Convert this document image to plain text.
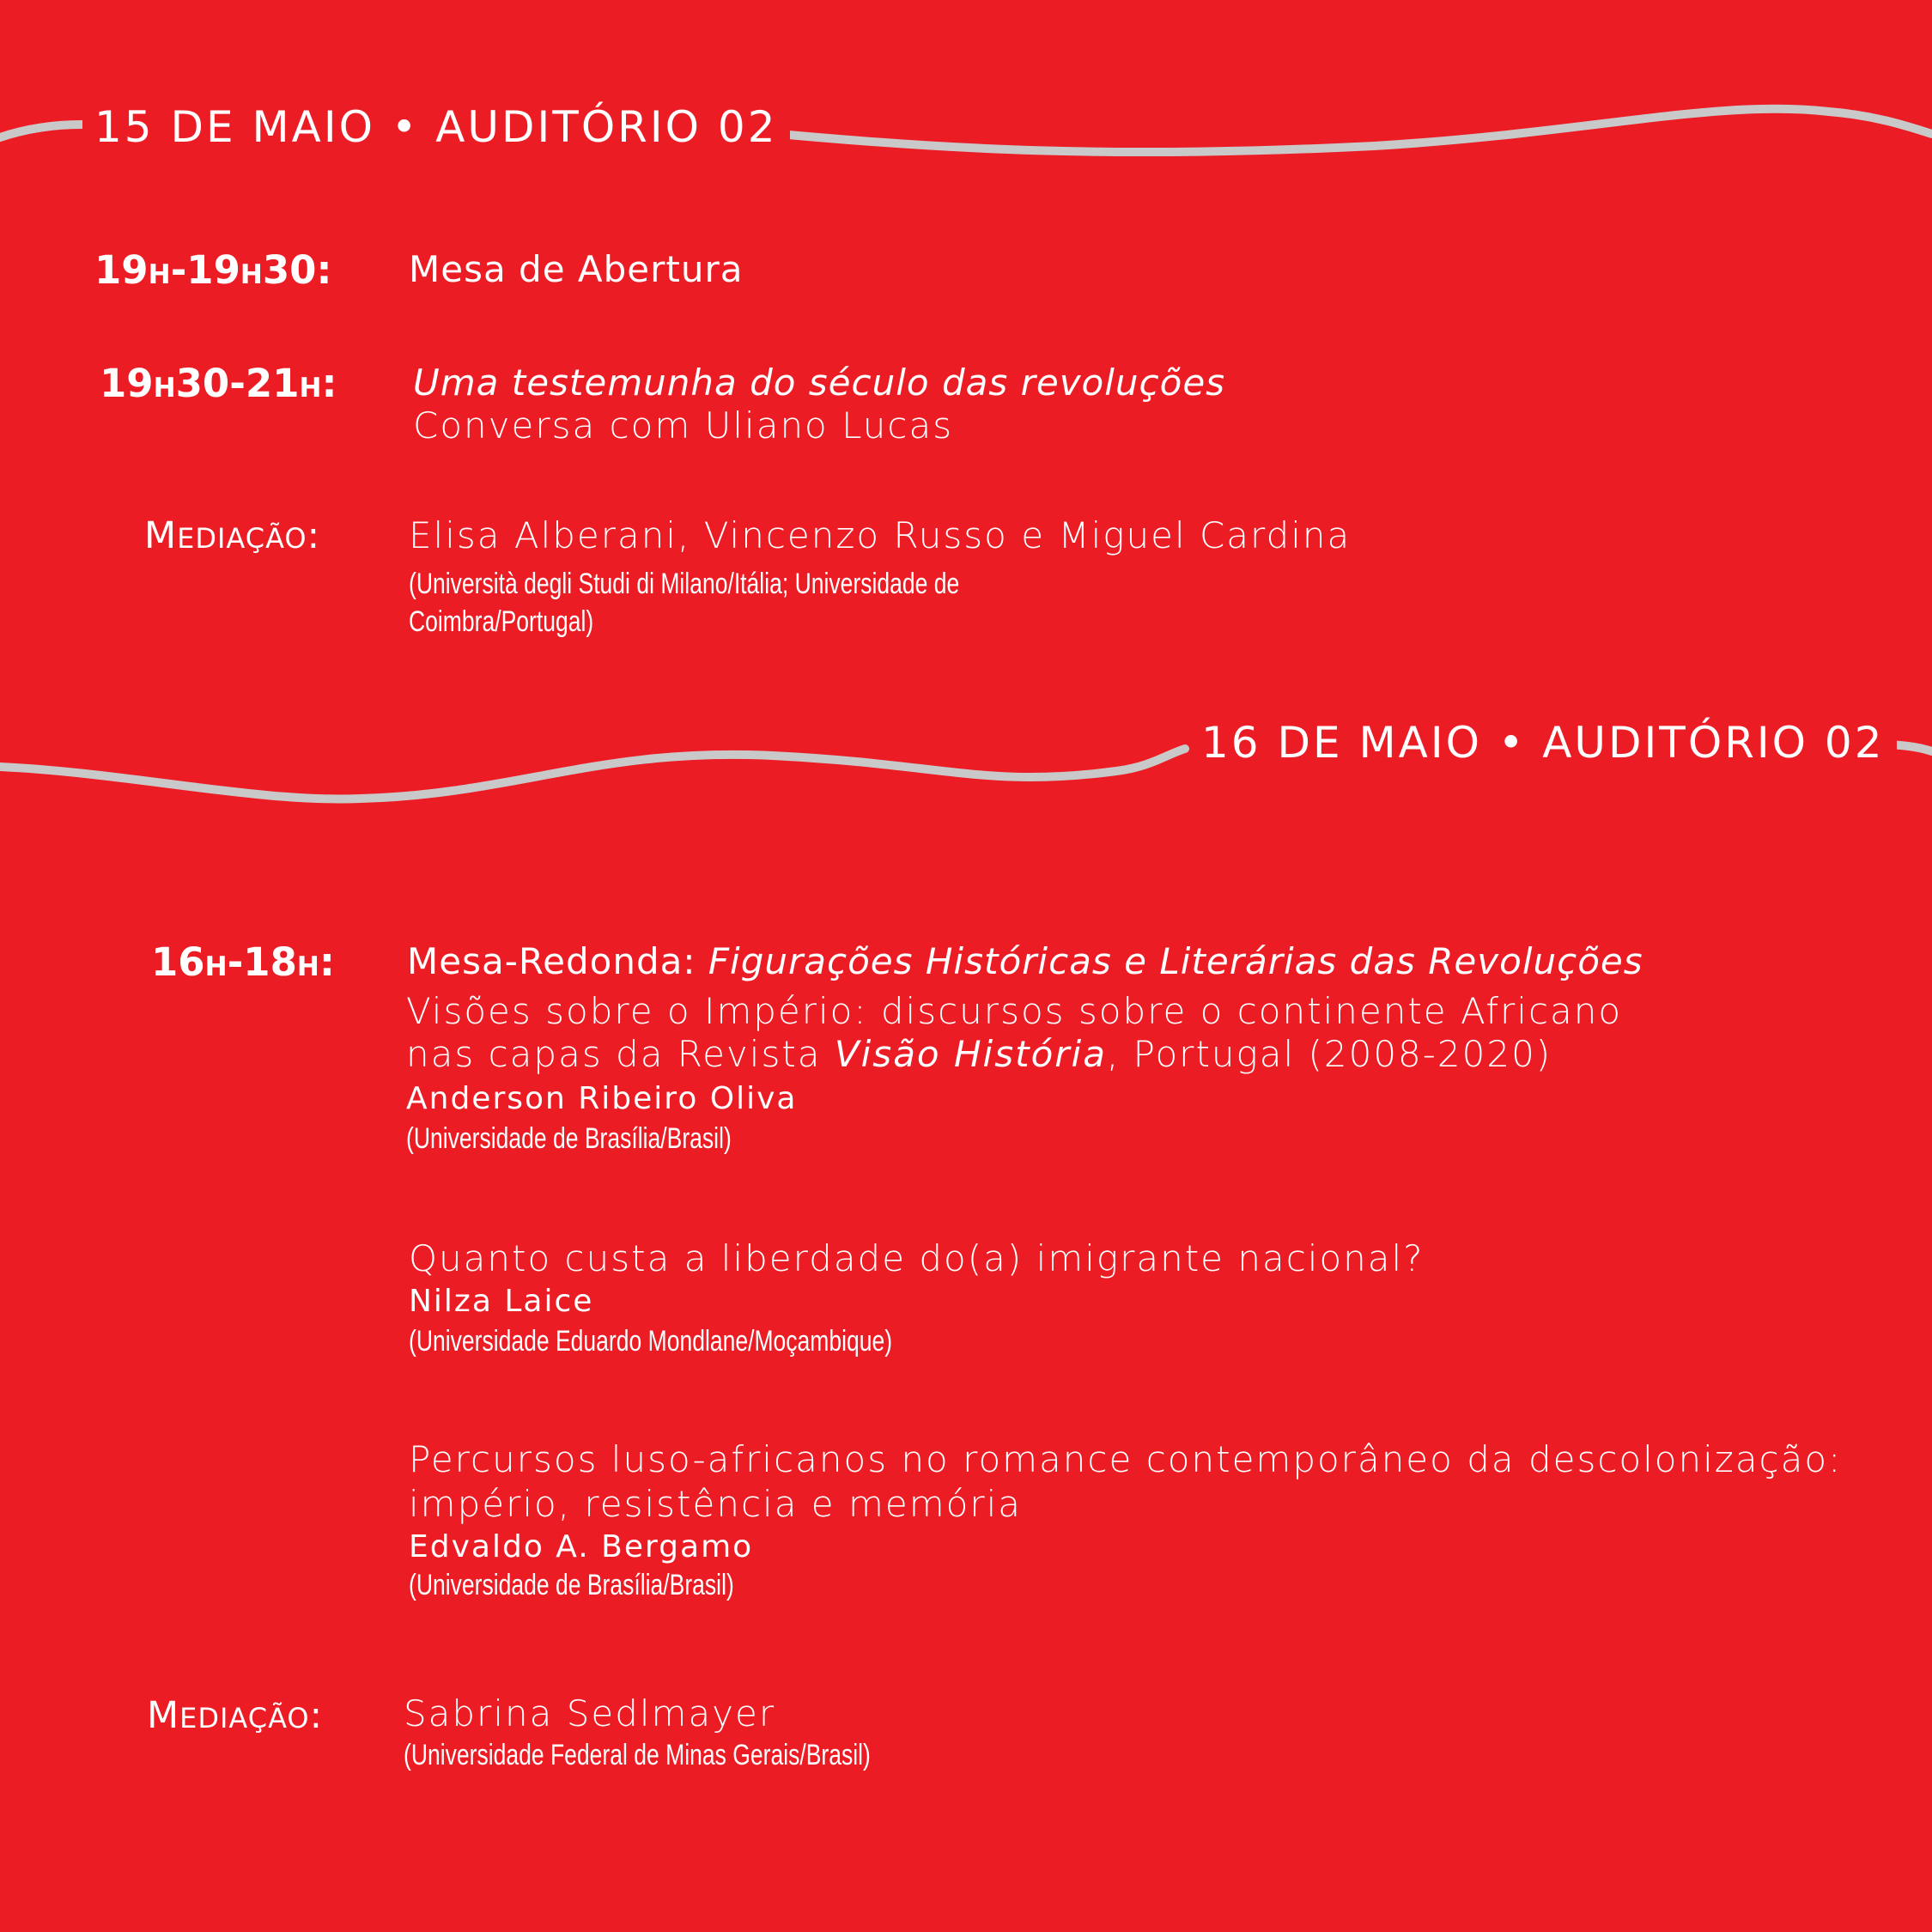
15 DE MAIO • AUDITÓRIO 02
19H-19H30: Mesa de Abertura
19H30-21H: Uma testemunha do século das revoluções
Conversa com Uliano Lucas
MEDIAÇÃO: Elisa Alberani, Vincenzo Russo e Miguel Cardina
(Università degli Studi di Milano/Itália; Universidade de
Coimbra/Portugal)
16 DE MAIO • AUDITÓRIO 02
16H-18H: Mesa-Redonda: Figurações Históricas e Literárias das Revoluções
Visões sobre o Império: discursos sobre o continente Africano
nas capas da Revista Visão História, Portugal (2008-2020)
Anderson Ribeiro Oliva
(Universidade de Brasília/Brasil)
Quanto custa a liberdade do(a) imigrante nacional?
Nilza Laice
(Universidade Eduardo Mondlane/Moçambique)
Percursos luso-africanos no romance contemporâneo da descolonização:
império, resistência e memória
Edvaldo A. Bergamo
(Universidade de Brasília/Brasil)
MEDIAÇÃO: Sabrina Sedlmayer
(Universidade Federal de Minas Gerais/Brasil)
